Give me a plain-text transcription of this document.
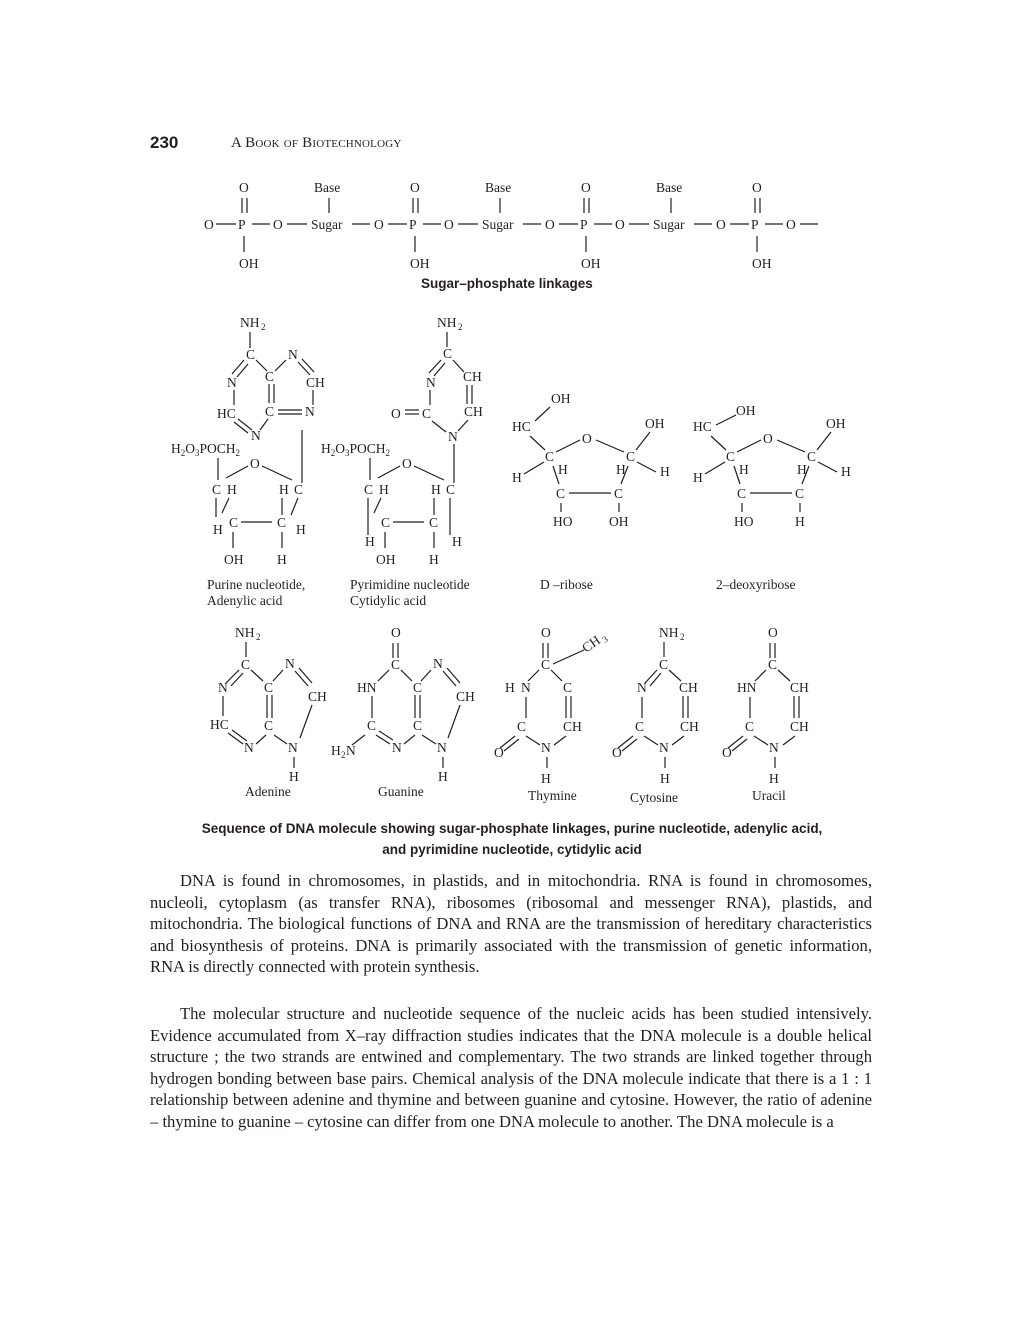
230	A Book of Biotechnology
O	O	O	O
Base	Base	Base
O P O Sugar O P O Sugar O P O Sugar O P O
OH	OH	OH	OH
Sugar–phosphate linkages
NH 2
C N
C
N	CH
HC C N
N
$H_2O_3POCH_2$
O
C H	H C
C	C
H	H
OH H
Purine nucleotide,
Adenylic acid
NH 2
C
N CH
O C CH
N
$H_2O_3POCH_2$
O
C H	H C
C	C
H	H
OH H
Pyrimidine nucleotide
Cytidylic acid
OH
HC
C
O
C
OH
H	H
H	H
C	C
HO	OH
D –ribose
OH
HC
C
O
C
OH
H	H
H	H
C	C
HO	H
2–deoxyribose
NH 2
C	N
N	C
CH
HC	C
N	N
H
Adenine
O
C N
HN	C
CH
C	C
H 2 N	N	N
H
Guanine
O
C
CH
3
H N C
C	CH
O	N
H
Thymine
NH 2
C
N CH
C	CH
O	N
H
Cytosine
O
C
HN CH
C	CH
O	N
H
Uracil
Sequence of DNA molecule showing sugar-phosphate linkages, purine nucleotide, adenylic acid,
and pyrimidine nucleotide, cytidylic acid

DNA is found in chromosomes, in plastids, and in mitochondria. RNA is found in chromosomes, nucleoli, cytoplasm (as transfer RNA), ribosomes (ribosomal and messenger RNA), plastids, and mitochondria. The biological functions of DNA and RNA are the transmission of hereditary characteristics and biosynthesis of proteins. DNA is primarily associated with the transmission of genetic information, RNA is directly connected with protein synthesis.

The molecular structure and nucleotide sequence of the nucleic acids has been studied intensively. Evidence accumulated from X–ray diffraction studies indicates that the DNA molecule is a double helical structure ; the two strands are entwined and complementary. The two strands are linked together through hydrogen bonding between base pairs. Chemical analysis of the DNA molecule indicate that there is a 1 : 1 relationship between adenine and thymine and between guanine and cytosine. However, the ratio of adenine – thymine to guanine – cytosine can differ from one DNA molecule to another. The DNA molecule is a
